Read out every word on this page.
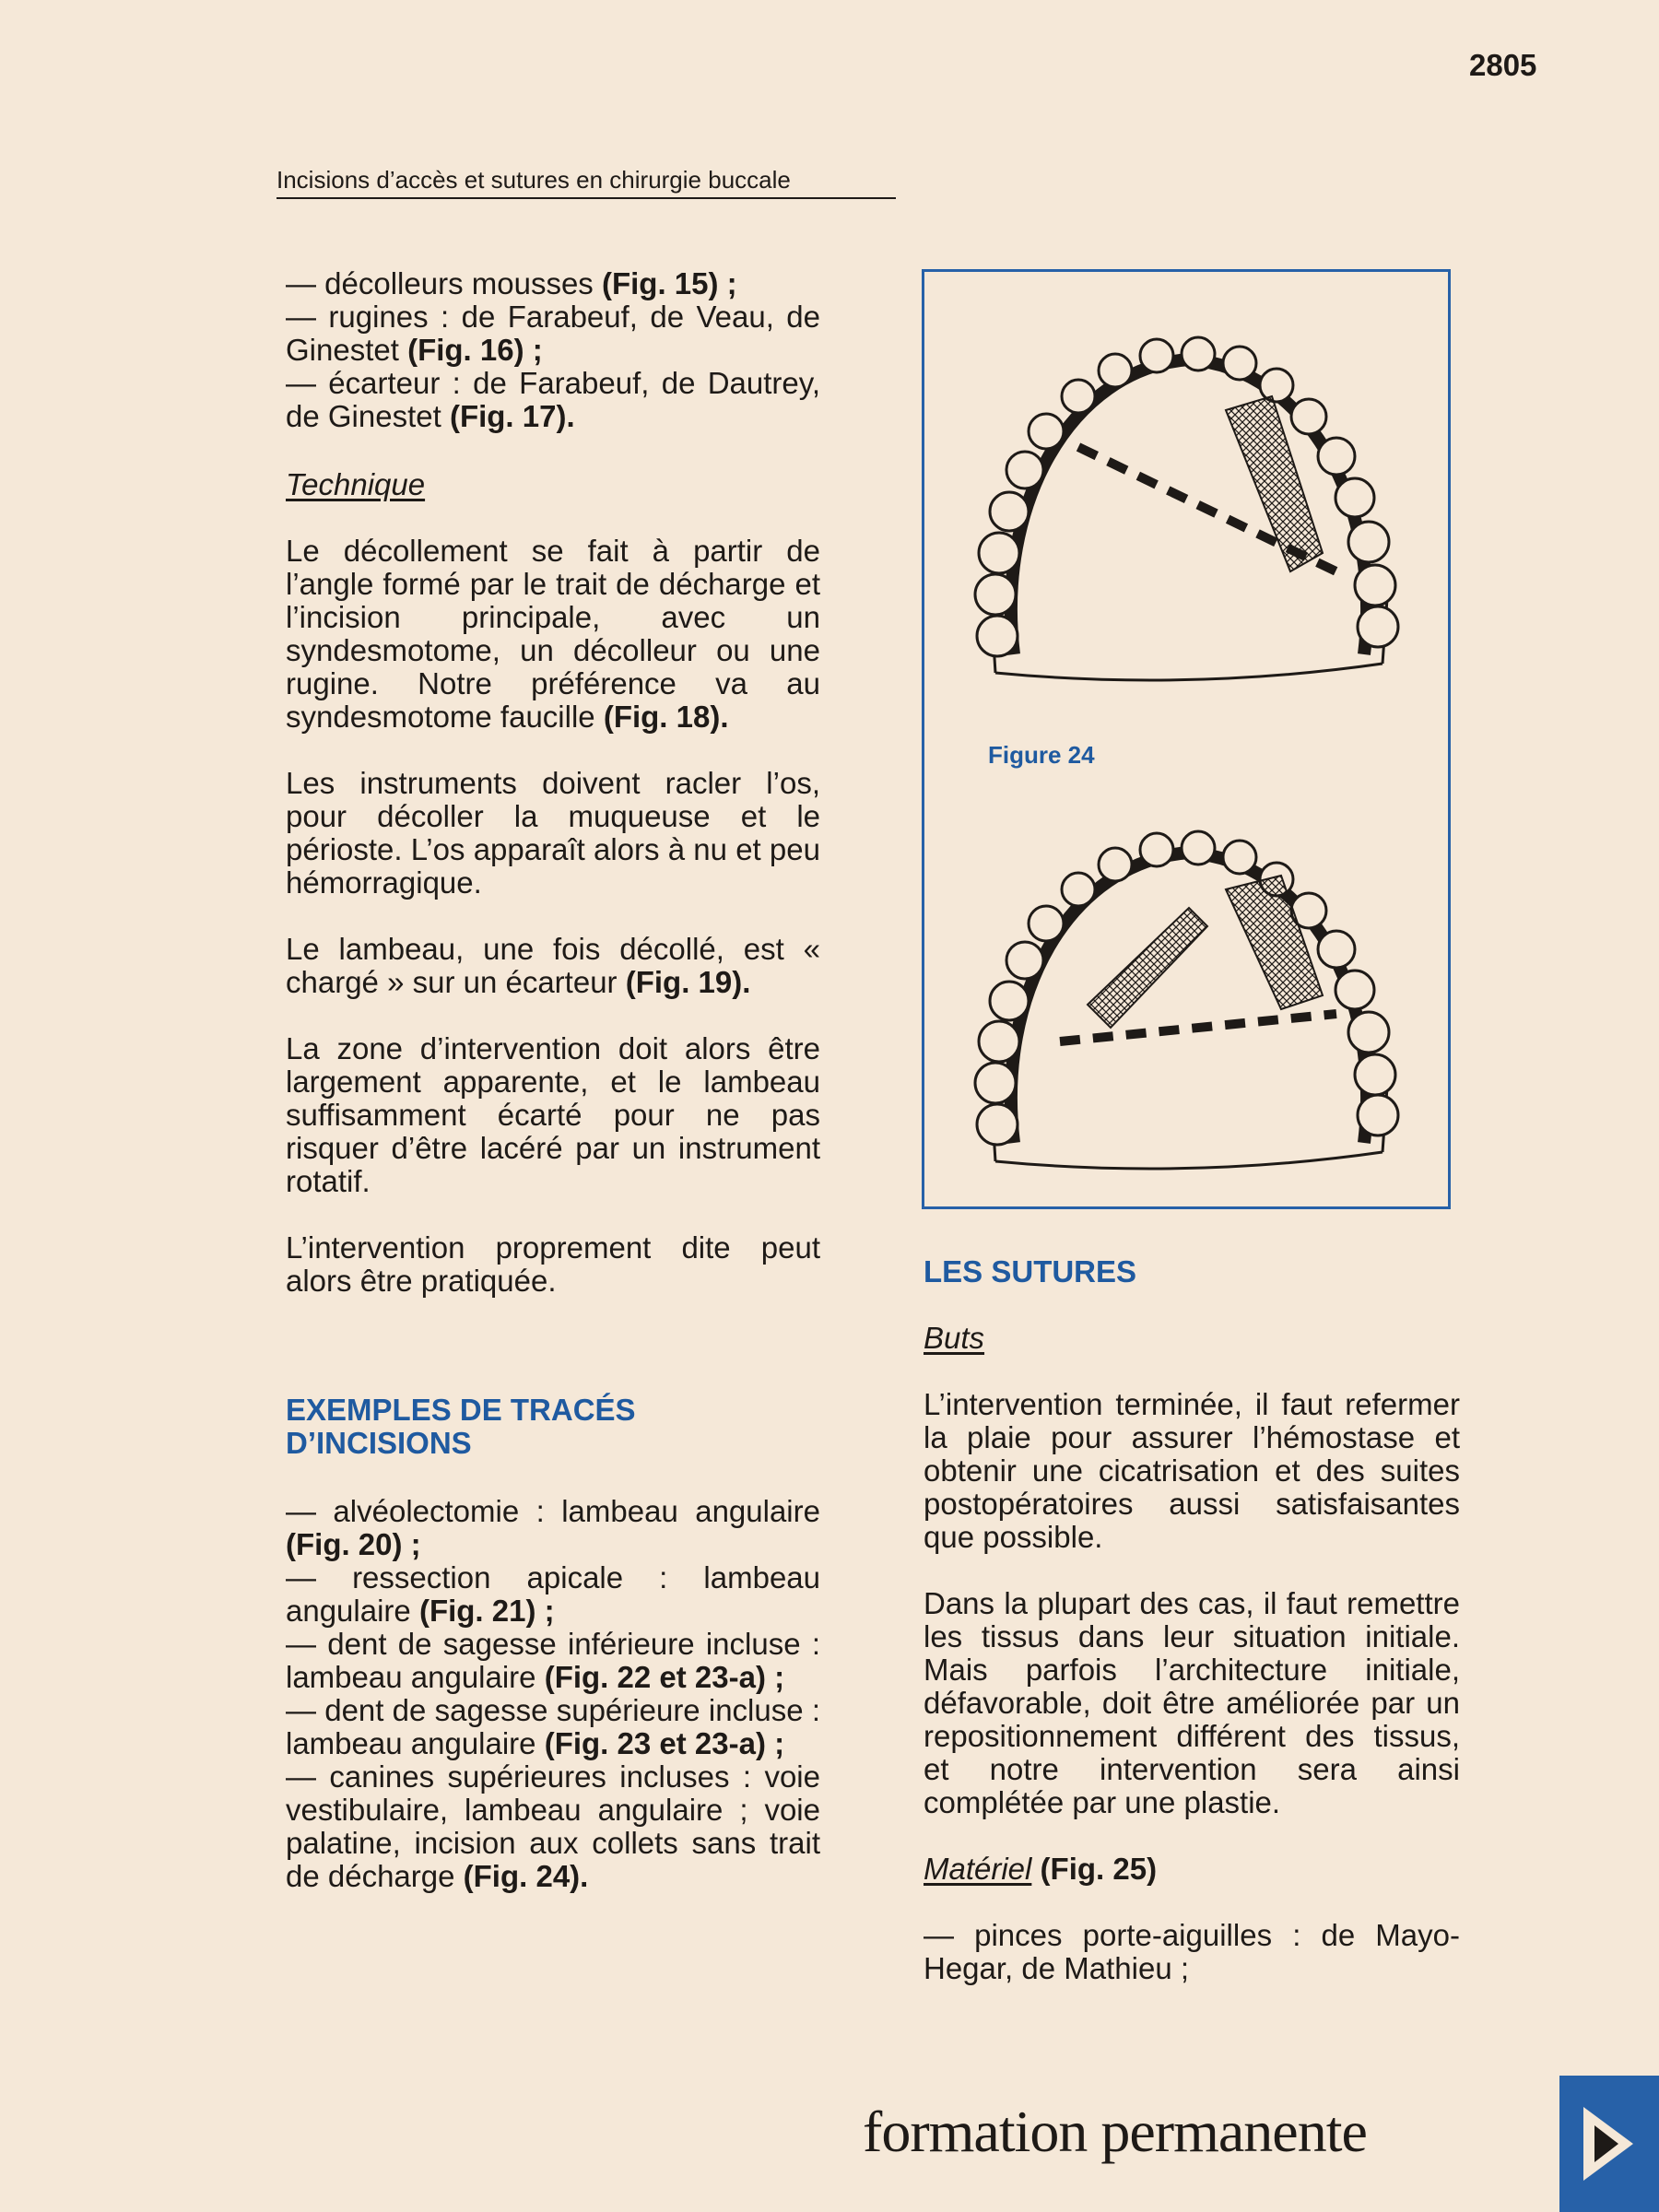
2805
Incisions d’accès et sutures en chirurgie buccale

— décolleurs mousses (Fig. 15) ;
— rugines : de Farabeuf, de Veau, de Ginestet (Fig. 16) ;
— écarteur : de Farabeuf, de Dautrey, de Ginestet (Fig. 17).

Technique

Le décollement se fait à partir de l’angle formé par le trait de décharge et l’incision principale, avec un syndesmotome, un décolleur ou une rugine. Notre préférence va au syndesmotome faucille (Fig. 18).

Les instruments doivent racler l’os, pour décoller la muqueuse et le périoste. L’os apparaît alors à nu et peu hémorragique.

Le lambeau, une fois décollé, est « chargé » sur un écarteur (Fig. 19).

La zone d’intervention doit alors être largement apparente, et le lambeau suffisamment écarté pour ne pas risquer d’être lacéré par un instrument rotatif.

L’intervention proprement dite peut alors être pratiquée.

EXEMPLES DE TRACÉS
D’INCISIONS

— alvéolectomie : lambeau angulaire (Fig. 20) ;
— ressection apicale : lambeau angulaire (Fig. 21) ;
— dent de sagesse inférieure incluse : lambeau angulaire (Fig. 22 et 23-a) ;
— dent de sagesse supérieure incluse : lambeau angulaire (Fig. 23 et 23-a) ;
— canines supérieures incluses : voie vestibulaire, lambeau angulaire ; voie palatine, incision aux collets sans trait de décharge (Fig. 24).

Figure 24
LES SUTURES
Buts

L’intervention terminée, il faut refermer la plaie pour assurer l’hémostase et obtenir une cicatrisation et des suites postopératoires aussi satisfaisantes que possible.

Dans la plupart des cas, il faut remettre les tissus dans leur situation initiale. Mais parfois l’architecture initiale, défavorable, doit être améliorée par un repositionnement différent des tissus, et notre intervention sera ainsi complétée par une plastie.

Matériel (Fig. 25)

— pinces porte-aiguilles : de Mayo-Hegar, de Mathieu ;

formation permanente
